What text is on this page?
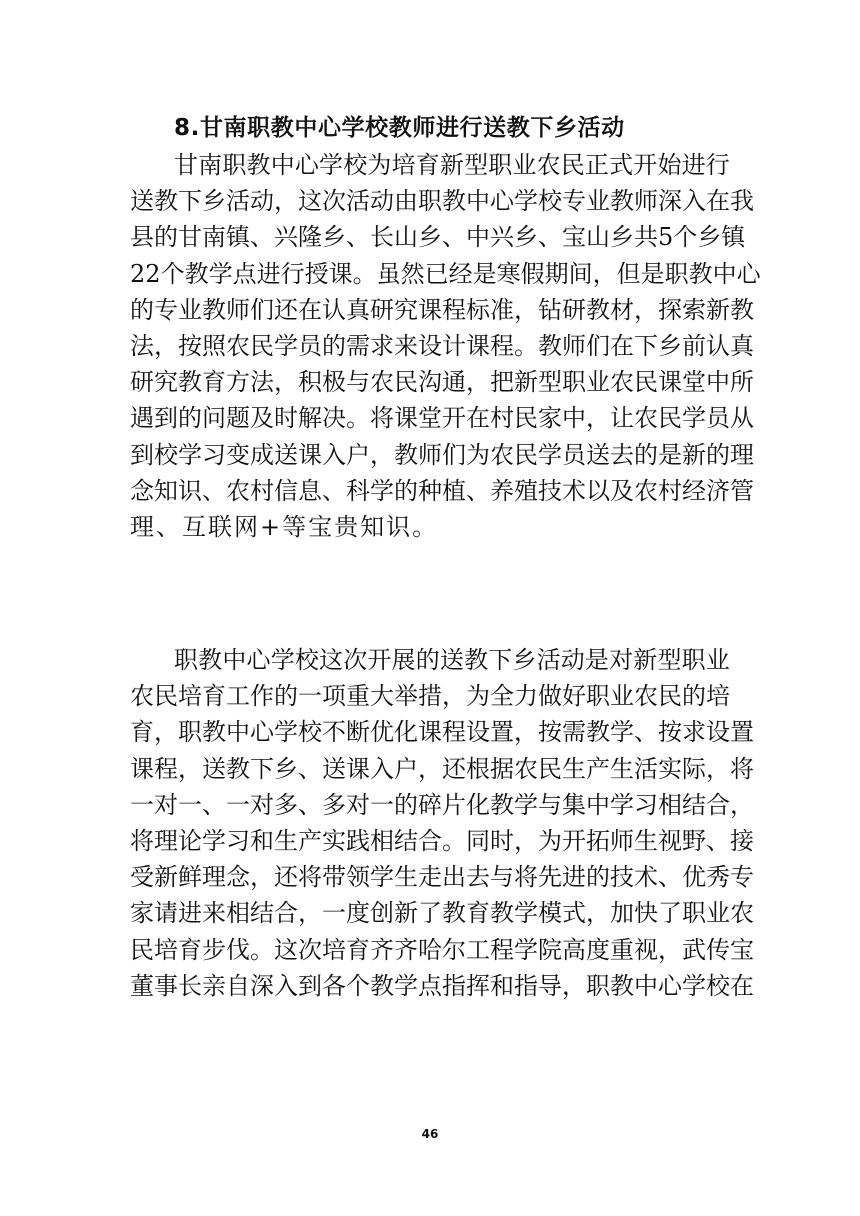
8.甘南职教中心学校教师进行送教下乡活动
甘 南 职 教 中 心 学 校 为 培 育 新 型 职 业 农 民 正 式 开 始 进 行
送 教 下 乡 活 动 ， 这 次 活 动 由 职 教 中 心 学 校 专 业 教 师 深 入 在 我
县 的 甘 南 镇 、 兴 隆 乡 、 长 山 乡 、 中 兴 乡 、 宝 山 乡 共 5 个 乡 镇
2 2 个 教 学 点 进 行 授 课 。 虽 然 已 经 是 寒 假 期 间 ， 但 是 职 教 中 心
的 专 业 教 师 们 还 在 认 真 研 究 课 程 标 准 ， 钻 研 教 材 ， 探 索 新 教
法 ， 按 照 农 民 学 员 的 需 求 来 设 计 课 程 。 教 师 们 在 下 乡 前 认 真
研 究 教 育 方 法 ， 积 极 与 农 民 沟 通 ， 把 新 型 职 业 农 民 课 堂 中 所
遇 到 的 问 题 及 时 解 决 。 将 课 堂 开 在 村 民 家 中 ， 让 农 民 学 员 从
到 校 学 习 变 成 送 课 入 户 ， 教 师 们 为 农 民 学 员 送 去 的 是 新 的 理
念 知 识 、 农 村 信 息 、 科 学 的 种 植 、 养 殖 技 术 以 及 农 村 经 济 管
理、互联网+等宝贵知识。
职 教 中 心 学 校 这 次 开 展 的 送 教 下 乡 活 动 是 对 新 型 职 业
农 民 培 育 工 作 的 一 项 重 大 举 措 ， 为 全 力 做 好 职 业 农 民 的 培
育 ， 职 教 中 心 学 校 不 断 优 化 课 程 设 置 ， 按 需 教 学 、 按 求 设 置
课 程 ， 送 教 下 乡 、 送 课 入 户 ， 还 根 据 农 民 生 产 生 活 实 际 ， 将
一 对 一 、 一 对 多 、 多 对 一 的 碎 片 化 教 学 与 集 中 学 习 相 结 合 ，
将 理 论 学 习 和 生 产 实 践 相 结 合 。 同 时 ， 为 开 拓 师 生 视 野 、 接
受 新 鲜 理 念 ， 还 将 带 领 学 生 走 出 去 与 将 先 进 的 技 术 、 优 秀 专
家 请 进 来 相 结 合 ， 一 度 创 新 了 教 育 教 学 模 式 ， 加 快 了 职 业 农
民 培 育 步 伐 。 这 次 培 育 齐 齐 哈 尔 工 程 学 院 高 度 重 视 ， 武 传 宝
董 事 长 亲 自 深 入 到 各 个 教 学 点 指 挥 和 指 导 ， 职 教 中 心 学 校 在
46
